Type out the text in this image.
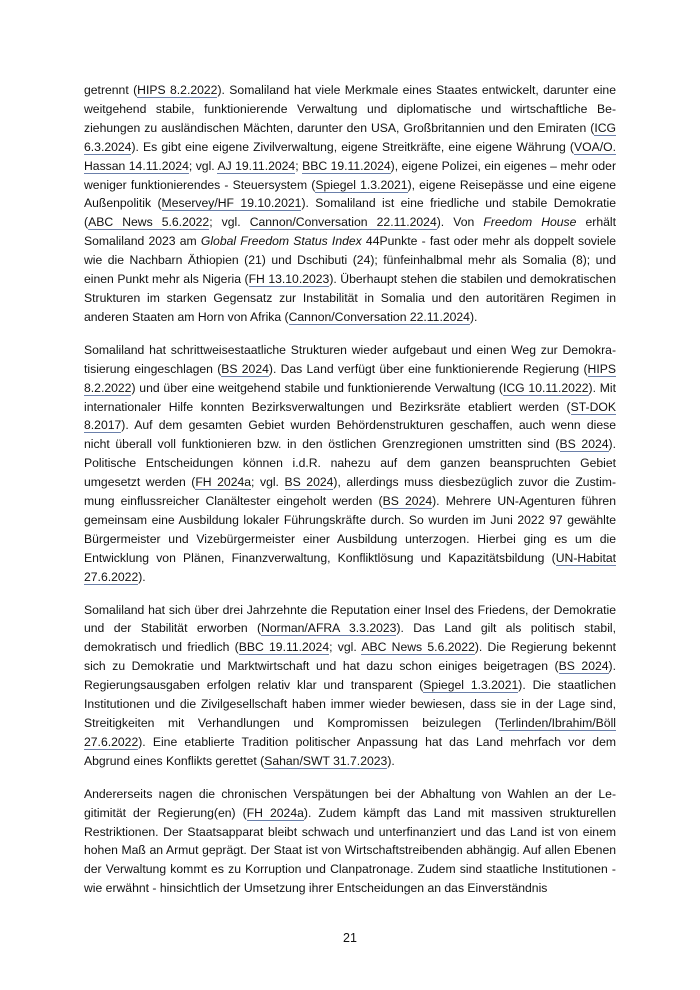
getrennt (HIPS 8.2.2022). Somaliland hat viele Merkmale eines Staates entwickelt, darunter eine weitgehend stabile, funktionierende Verwaltung und diplomatische und wirtschaftliche Beziehungen zu ausländischen Mächten, darunter den USA, Großbritannien und den Emiraten (ICG 6.3.2024). Es gibt eine eigene Zivilverwaltung, eigene Streitkräfte, eine eigene Währung (VOA/O. Hassan 14.11.2024; vgl. AJ 19.11.2024; BBC 19.11.2024), eigene Polizei, ein eigenes – mehr oder weniger funktionierendes - Steuersystem (Spiegel 1.3.2021), eigene Reisepässe und eine eigene Außenpolitik (Meservey/HF 19.10.2021). Somaliland ist eine friedliche und stabile Demokratie (ABC News 5.6.2022; vgl. Cannon/Conversation 22.11.2024). Von Freedom House erhält Somaliland 2023 am Global Freedom Status Index 44Punkte - fast oder mehr als doppelt soviele wie die Nachbarn Äthiopien (21) und Dschibuti (24); fünfeinhalbmal mehr als Somalia (8); und einen Punkt mehr als Nigeria (FH 13.10.2023). Überhaupt stehen die stabilen und demokratischen Strukturen im starken Gegensatz zur Instabilität in Somalia und den autoritären Regimen in anderen Staaten am Horn von Afrika (Cannon/Conversation 22.11.2024).

Somaliland hat schrittweisestaatliche Strukturen wieder aufgebaut und einen Weg zur Demokratisierung eingeschlagen (BS 2024). Das Land verfügt über eine funktionierende Regierung (HIPS 8.2.2022) und über eine weitgehend stabile und funktionierende Verwaltung (ICG 10.11.2022). Mit internationaler Hilfe konnten Bezirksverwaltungen und Bezirksräte etabliert werden (ST-DOK 8.2017). Auf dem gesamten Gebiet wurden Behördenstrukturen geschaffen, auch wenn diese nicht überall voll funktionieren bzw. in den östlichen Grenzregionen umstritten sind (BS 2024). Politische Entscheidungen können i.d.R. nahezu auf dem ganzen beanspruchten Gebiet umgesetzt werden (FH 2024a; vgl. BS 2024), allerdings muss diesbezüglich zuvor die Zustimmung einflussreicher Clanältester eingeholt werden (BS 2024). Mehrere UN-Agenturen führen gemeinsam eine Ausbildung lokaler Führungskräfte durch. So wurden im Juni 2022 97 gewählte Bürgermeister und Vizebürgermeister einer Ausbildung unterzogen. Hierbei ging es um die Entwicklung von Plänen, Finanzverwaltung, Konfliktlösung und Kapazitätsbildung (UN-Habitat 27.6.2022).

Somaliland hat sich über drei Jahrzehnte die Reputation einer Insel des Friedens, der Demokratie und der Stabilität erworben (Norman/AFRA 3.3.2023). Das Land gilt als politisch stabil, demokratisch und friedlich (BBC 19.11.2024; vgl. ABC News 5.6.2022). Die Regierung bekennt sich zu Demokratie und Marktwirtschaft und hat dazu schon einiges beigetragen (BS 2024). Regierungsausgaben erfolgen relativ klar und transparent (Spiegel 1.3.2021). Die staatlichen Institutionen und die Zivilgesellschaft haben immer wieder bewiesen, dass sie in der Lage sind, Streitigkeiten mit Verhandlungen und Kompromissen beizulegen (Terlinden/Ibrahim/Böll 27.6.2022). Eine etablierte Tradition politischer Anpassung hat das Land mehrfach vor dem Abgrund eines Konflikts gerettet (Sahan/SWT 31.7.2023).

Andererseits nagen die chronischen Verspätungen bei der Abhaltung von Wahlen an der Legitimität der Regierung(en) (FH 2024a). Zudem kämpft das Land mit massiven strukturellen Restriktionen. Der Staatsapparat bleibt schwach und unterfinanziert und das Land ist von einem hohen Maß an Armut geprägt. Der Staat ist von Wirtschaftstreibenden abhängig. Auf allen Ebenen der Verwaltung kommt es zu Korruption und Clanpatronage. Zudem sind staatliche Institutionen - wie erwähnt - hinsichtlich der Umsetzung ihrer Entscheidungen an das Einverständnis

21
